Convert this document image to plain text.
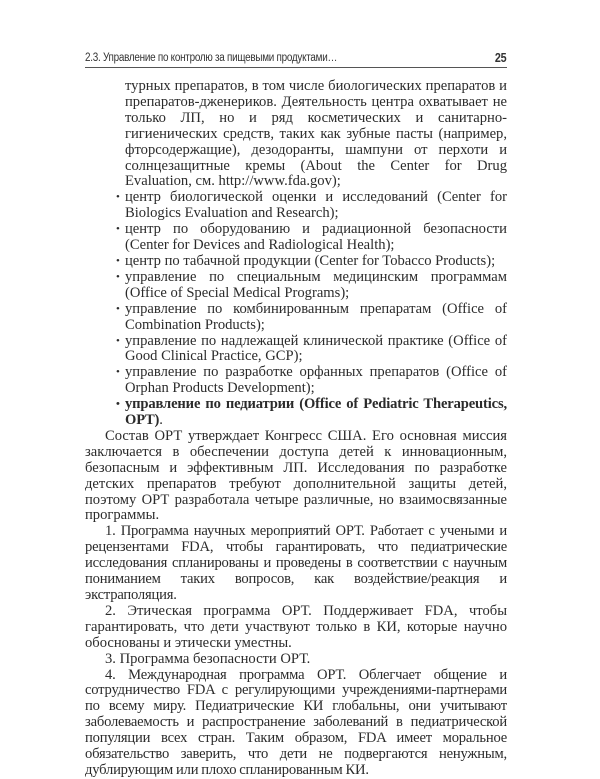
2.3. Управление по контролю за пищевыми продуктами…	25

турных препаратов, в том числе биологических препаратов и препаратов-дженериков. Деятельность центра охватывает не только ЛП, но и ряд косметических и санитарно-гигиенических средств, таких как зубные пасты (например, фторсодержащие), дезодоранты, шампуни от перхоти и солнцезащитные кремы (About the Center for Drug Evaluation, см. http://www.fda.gov);

• центр биологической оценки и исследований (Center for Biologics Evaluation and Research);
• центр по оборудованию и радиационной безопасности (Center for Devices and Radiological Health);
• центр по табачной продукции (Center for Tobacco Products);
• управление по специальным медицинским программам (Office of Special Medical Programs);
• управление по комбинированным препаратам (Office of Combination Products);
• управление по надлежащей клинической практике (Office of Good Clinical Practice, GCP);
• управление по разработке орфанных препаратов (Office of Orphan Products Development);
• управление по педиатрии (Office of Pediatric Therapeutics, OPT).

Состав ОРТ утверждает Конгресс США. Его основная миссия заключается в обеспечении доступа детей к инновационным, безопасным и эффективным ЛП. Исследования по разработке детских препаратов требуют дополнительной защиты детей, поэтому ОРТ разработала четыре различные, но взаимосвязанные программы.

1. Программа научных мероприятий ОРТ. Работает с учеными и рецензентами FDA, чтобы гарантировать, что педиатрические исследования спланированы и проведены в соответствии с научным пониманием таких вопросов, как воздействие/реакция и экстраполяция.

2. Этическая программа ОРТ. Поддерживает FDA, чтобы гарантировать, что дети участвуют только в КИ, которые научно обоснованы и этически уместны.

3. Программа безопасности ОРТ.

4. Международная программа ОРТ. Облегчает общение и сотрудничество FDA с регулирующими учреждениями-партнерами по всему миру. Педиатрические КИ глобальны, они учитывают заболеваемость и распространение заболеваний в педиатрической популяции всех стран. Таким образом, FDA имеет моральное обязательство заверить, что дети не подвергаются ненужным, дублирующим или плохо спланированным КИ.
